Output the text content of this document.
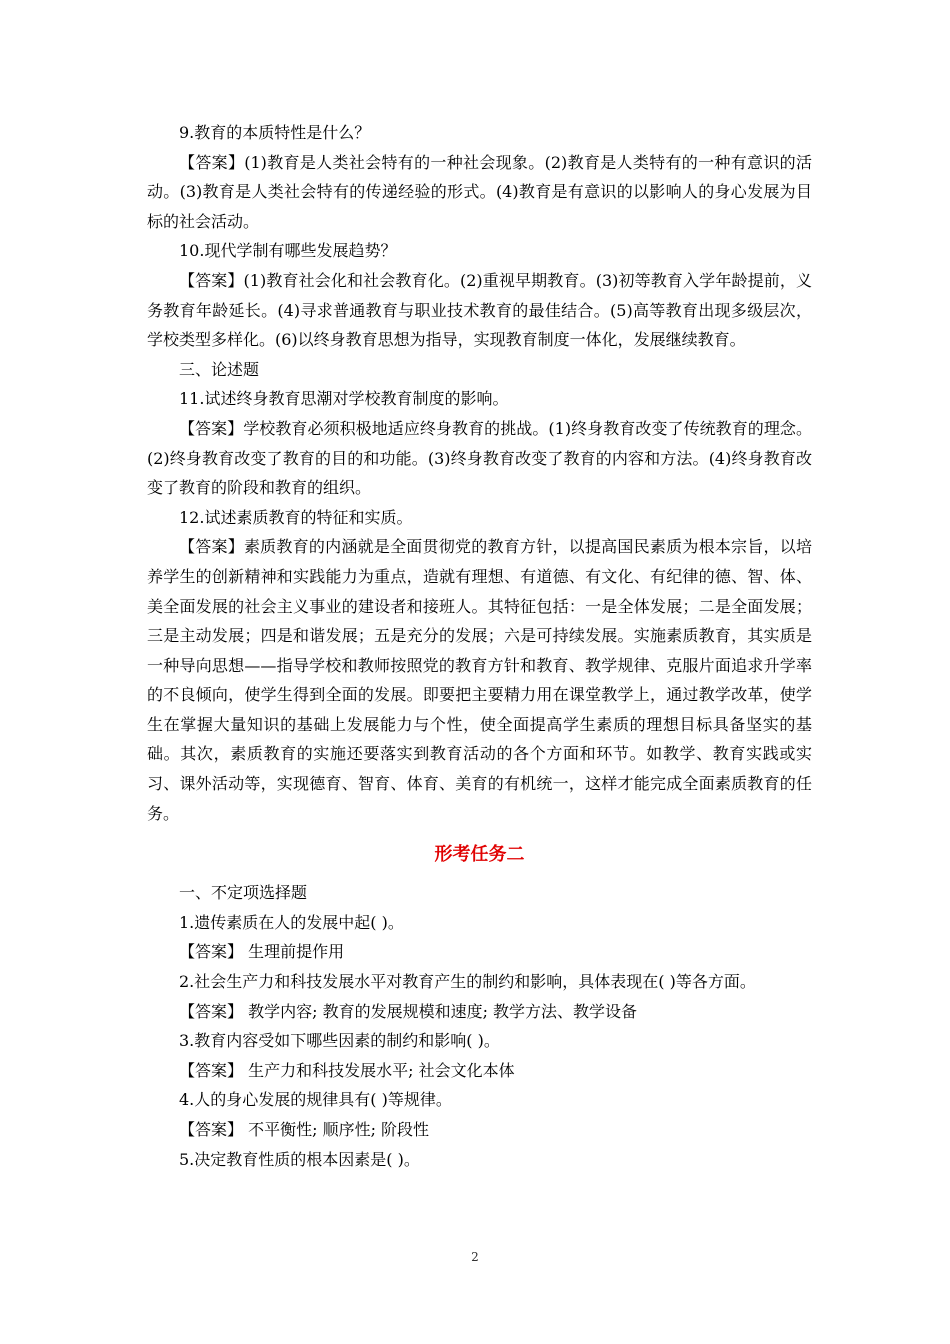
9.教育的本质特性是什么？

【答案】(1)教育是人类社会特有的一种社会现象。(2)教育是人类特有的一种有意识的活动。(3)教育是人类社会特有的传递经验的形式。(4)教育是有意识的以影响人的身心发展为目标的社会活动。

10.现代学制有哪些发展趋势？

【答案】(1)教育社会化和社会教育化。(2)重视早期教育。(3)初等教育入学年龄提前，义务教育年龄延长。(4)寻求普通教育与职业技术教育的最佳结合。(5)高等教育出现多级层次，学校类型多样化。(6)以终身教育思想为指导，实现教育制度一体化，发展继续教育。

三、论述题

11.试述终身教育思潮对学校教育制度的影响。

【答案】学校教育必须积极地适应终身教育的挑战。(1)终身教育改变了传统教育的理念。(2)终身教育改变了教育的目的和功能。(3)终身教育改变了教育的内容和方法。(4)终身教育改变了教育的阶段和教育的组织。

12.试述素质教育的特征和实质。

【答案】素质教育的内涵就是全面贯彻党的教育方针，以提高国民素质为根本宗旨，以培养学生的创新精神和实践能力为重点，造就有理想、有道德、有文化、有纪律的德、智、体、美全面发展的社会主义事业的建设者和接班人。其特征包括：一是全体发展；二是全面发展；三是主动发展；四是和谐发展；五是充分的发展；六是可持续发展。实施素质教育，其实质是一种导向思想——指导学校和教师按照党的教育方针和教育、教学规律、克服片面追求升学率的不良倾向，使学生得到全面的发展。即要把主要精力用在课堂教学上，通过教学改革，使学生在掌握大量知识的基础上发展能力与个性，使全面提高学生素质的理想目标具备坚实的基础。其次，素质教育的实施还要落实到教育活动的各个方面和环节。如教学、教育实践或实习、课外活动等，实现德育、智育、体育、美育的有机统一，这样才能完成全面素质教育的任务。

形考任务二

一、不定项选择题

1.遗传素质在人的发展中起( )。

【答案】 生理前提作用

2.社会生产力和科技发展水平对教育产生的制约和影响，具体表现在( )等各方面。

【答案】 教学内容; 教育的发展规模和速度; 教学方法、教学设备

3.教育内容受如下哪些因素的制约和影响( )。

【答案】 生产力和科技发展水平; 社会文化本体

4.人的身心发展的规律具有( )等规律。

【答案】 不平衡性; 顺序性; 阶段性

5.决定教育性质的根本因素是( )。

2
